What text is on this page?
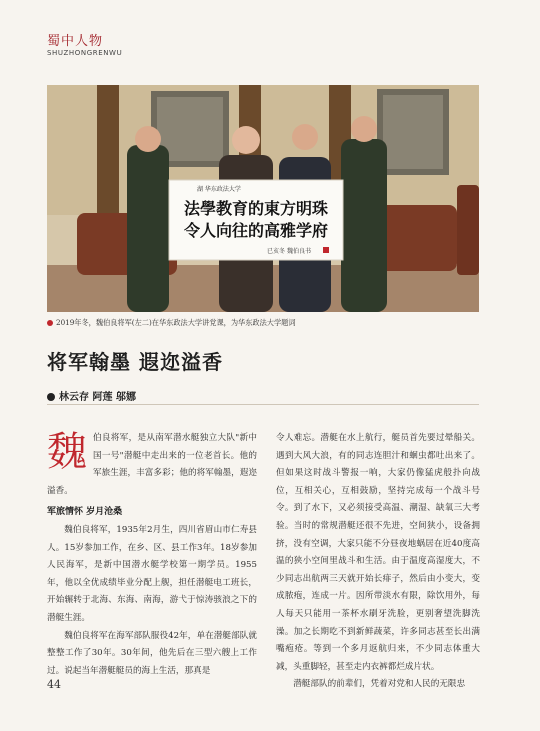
蜀中人物
SHUZHONGRENWU
湖 华东政法大学
法學教育的東方明珠
令人向往的高雅学府
已亥冬 魏伯良书
2019年冬，魏伯良将军(左二)在华东政法大学讲党课，为华东政法大学题词
将军翰墨 遐迩溢香
林云存 阿莲 邬娜

魏伯良将军，是从南军潜水艇独立大队"新中国一号"潜艇中走出来的一位老首长。他的军旅生涯，丰富多彩；他的将军翰墨，遐迩溢香。

军旅情怀 岁月沧桑

魏伯良将军，1935年2月生，四川省眉山市仁寿县人。15岁参加工作，在乡、区、县工作3年。18岁参加人民海军，是新中国潜水艇学校第一期学员。1955年，他以全优成绩毕业分配上舰，担任潜艇电工班长，开始辗转于北海、东海、南海，游弋于惊涛骇浪之下的潜艇生涯。

魏伯良将军在海军部队服役42年，单在潜艇部队就整整工作了30年。30年间，他先后在三型六艘上工作过。说起当年潜艇艇员的海上生活，那真是

令人难忘。潜艇在水上航行，艇员首先要过晕船关。遇到大风大浪，有的同志连胆汁和蛔虫都吐出来了。但如果这时战斗警报一响，大家仍像猛虎般扑向战位，互相关心，互相鼓励，坚持完成每一个战斗号令。到了水下，又必须接受高温、潮湿、缺氧三大考验。当时的常规潜艇还很不先进，空间狭小，设备拥挤，没有空调，大家只能不分昼夜地蜗居在近40度高温的狭小空间里战斗和生活。由于温度高湿度大，不少同志出航两三天就开始长痱子，然后由小变大，变成脓疱，连成一片。因所带淡水有限，除饮用外，每人每天只能用一茶杯水刷牙洗脸，更别奢望洗脚洗澡。加之长期吃不到新鲜蔬菜，许多同志甚至长出满嘴疱疮。等到一个多月返航归来，不少同志体重大减，头重脚轻，甚至走内衣裤都烂成片状。

潜艇部队的前辈们，凭着对党和人民的无限忠

44
